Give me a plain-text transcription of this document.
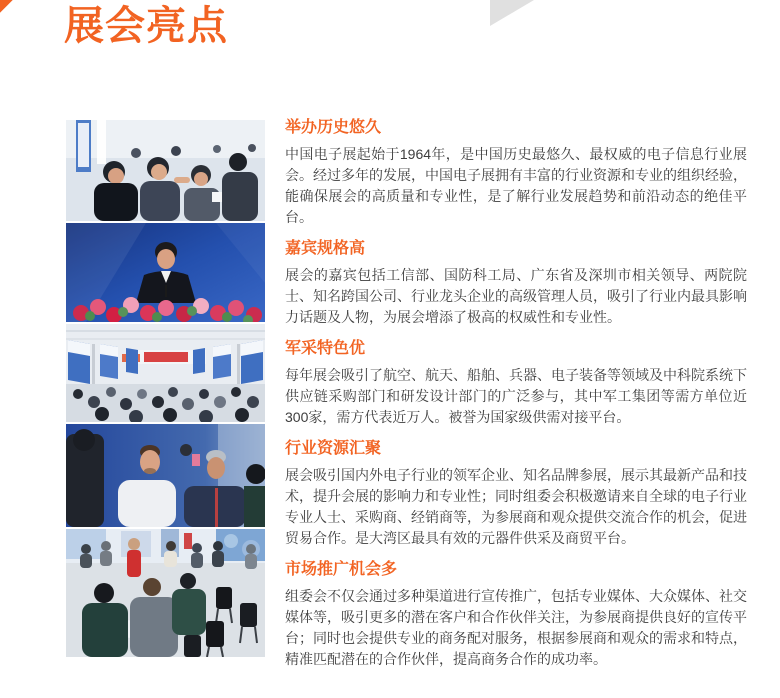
展会亮点
举办历史悠久

中国电子展起始于1964年，是中国历史最悠久、最权威的电子信息行业展会。经过多年的发展，中国电子展拥有丰富的行业资源和专业的组织经验，能确保展会的高质量和专业性，是了解行业发展趋势和前沿动态的绝佳平台。

嘉宾规格高

展会的嘉宾包括工信部、国防科工局、广东省及深圳市相关领导、两院院士、知名跨国公司、行业龙头企业的高级管理人员，吸引了行业内最具影响力话题及人物，为展会增添了极高的权威性和专业性。

军采特色优

每年展会吸引了航空、航天、船舶、兵器、电子装备等领域及中科院系统下供应链采购部门和研发设计部门的广泛参与，其中军工集团等需方单位近300家，需方代表近万人。被誉为国家级供需对接平台。

行业资源汇聚

展会吸引国内外电子行业的领军企业、知名品牌参展，展示其最新产品和技术，提升会展的影响力和专业性；同时组委会积极邀请来自全球的电子行业专业人士、采购商、经销商等，为参展商和观众提供交流合作的机会，促进贸易合作。是大湾区最具有效的元器件供采及商贸平台。

市场推广机会多

组委会不仅会通过多种渠道进行宣传推广，包括专业媒体、大众媒体、社交媒体等，吸引更多的潜在客户和合作伙伴关注，为参展商提供良好的宣传平台；同时也会提供专业的商务配对服务，根据参展商和观众的需求和特点，精准匹配潜在的合作伙伴，提高商务合作的成功率。
